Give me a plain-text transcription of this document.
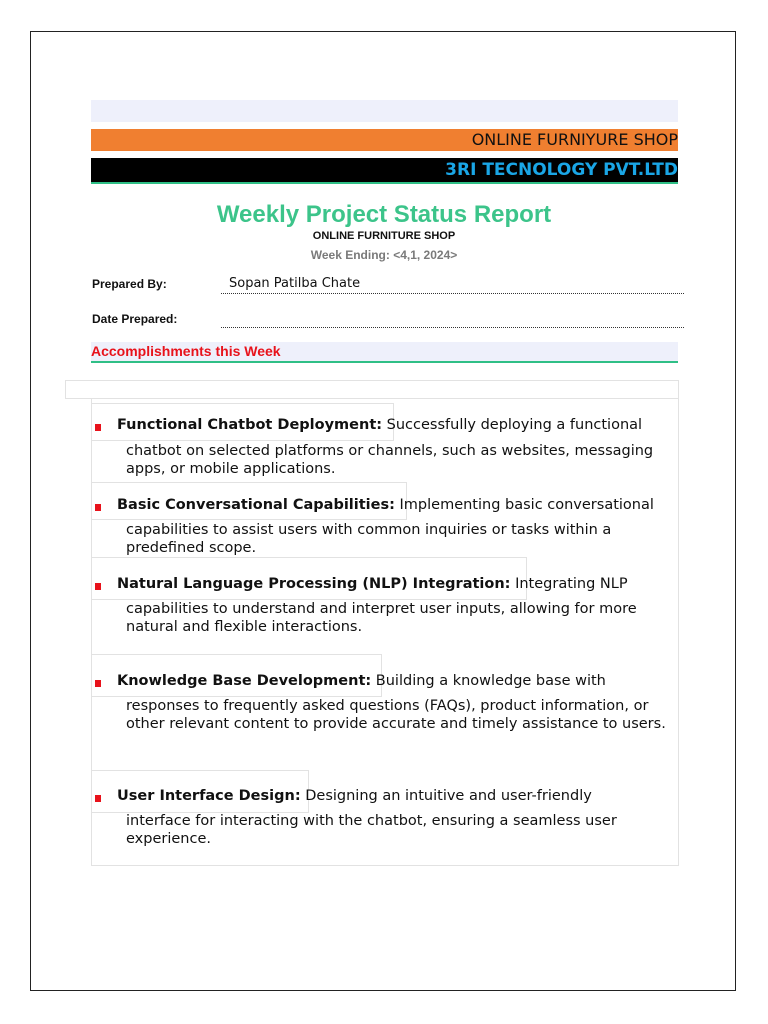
ONLINE FURNIYURE SHOP
3RI TECNOLOGY PVT.LTD
Weekly Project Status Report
ONLINE FURNITURE SHOP
Week Ending: <4,1, 2024>
Prepared By:	Sopan Patilba Chate
Date Prepared:
Accomplishments this Week
Functional Chatbot Deployment: Successfully deploying a functional
chatbot on selected platforms or channels, such as websites, messaging apps, or mobile applications.
Basic Conversational Capabilities: Implementing basic conversational
capabilities to assist users with common inquiries or tasks within a predefined scope.
Natural Language Processing (NLP) Integration: Integrating NLP
capabilities to understand and interpret user inputs, allowing for more natural and flexible interactions.
Knowledge Base Development: Building a knowledge base with
responses to frequently asked questions (FAQs), product information, or other relevant content to provide accurate and timely assistance to users.
User Interface Design: Designing an intuitive and user-friendly
interface for interacting with the chatbot, ensuring a seamless user experience.
